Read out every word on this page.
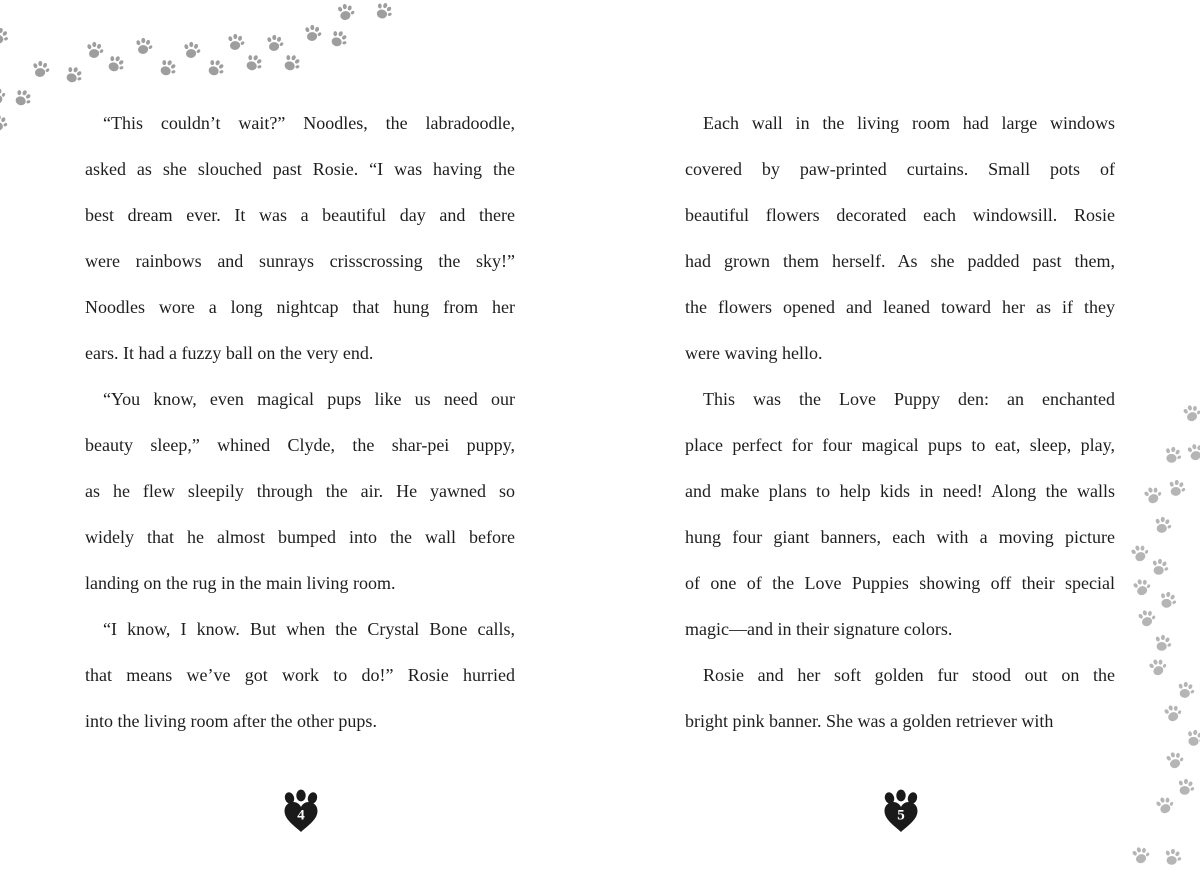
“This couldn’t wait?” Noodles, the labradoodle,
asked as she slouched past Rosie. “I was having the
best dream ever. It was a beautiful day and there
were rainbows and sunrays crisscrossing the sky!”
Noodles wore a long nightcap that hung from her
ears. It had a fuzzy ball on the very end.
“You know, even magical pups like us need our
beauty sleep,” whined Clyde, the shar-pei puppy,
as he flew sleepily through the air. He yawned so
widely that he almost bumped into the wall before
landing on the rug in the main living room.
“I know, I know. But when the Crystal Bone calls,
that means we’ve got work to do!” Rosie hurried
into the living room after the other pups.
Each wall in the living room had large windows
covered by paw-printed curtains. Small pots of
beautiful flowers decorated each windowsill. Rosie
had grown them herself. As she padded past them,
the flowers opened and leaned toward her as if they
were waving hello.
This was the Love Puppy den: an enchanted
place perfect for four magical pups to eat, sleep, play,
and make plans to help kids in need! Along the walls
hung four giant banners, each with a moving picture
of one of the Love Puppies showing off their special
magic—and in their signature colors.
Rosie and her soft golden fur stood out on the
bright pink banner. She was a golden retriever with
4	5
